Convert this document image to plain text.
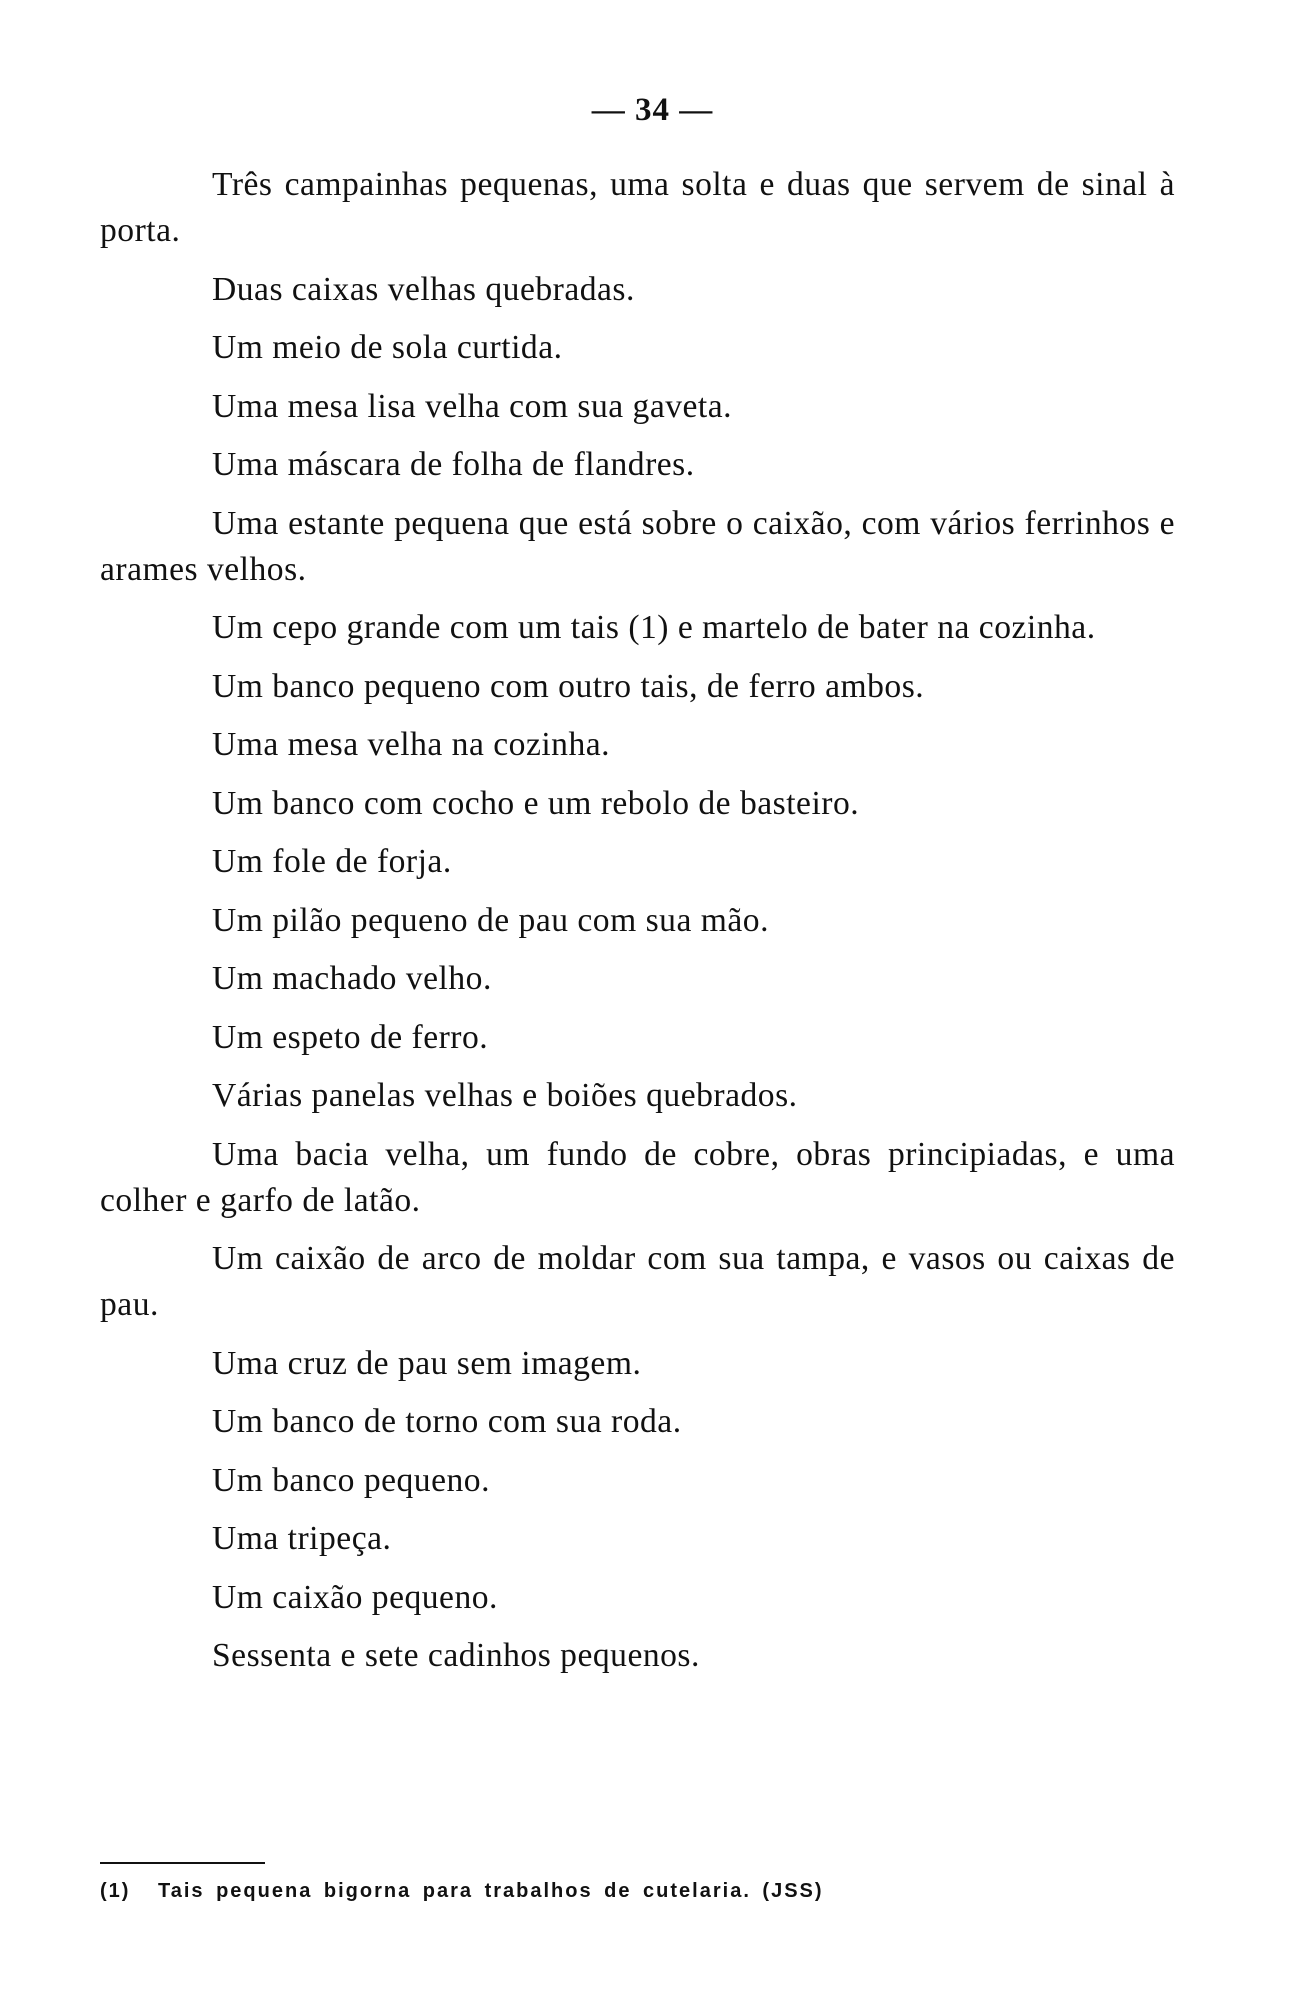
— 34 —

Três campainhas pequenas, uma solta e duas que servem de sinal à porta.

Duas caixas velhas quebradas.

Um meio de sola curtida.

Uma mesa lisa velha com sua gaveta.

Uma máscara de folha de flandres.

Uma estante pequena que está sobre o caixão, com vários ferrinhos e arames velhos.

Um cepo grande com um tais (1) e martelo de bater na cozinha.

Um banco pequeno com outro tais, de ferro ambos.

Uma mesa velha na cozinha.

Um banco com cocho e um rebolo de basteiro.

Um fole de forja.

Um pilão pequeno de pau com sua mão.

Um machado velho.

Um espeto de ferro.

Várias panelas velhas e boiões quebrados.

Uma bacia velha, um fundo de cobre, obras principiadas, e uma colher e garfo de latão.

Um caixão de arco de moldar com sua tampa, e vasos ou caixas de pau.

Uma cruz de pau sem imagem.

Um banco de torno com sua roda.

Um banco pequeno.

Uma tripeça.

Um caixão pequeno.

Sessenta e sete cadinhos pequenos.

(1) Tais pequena bigorna para trabalhos de cutelaria. (JSS)
